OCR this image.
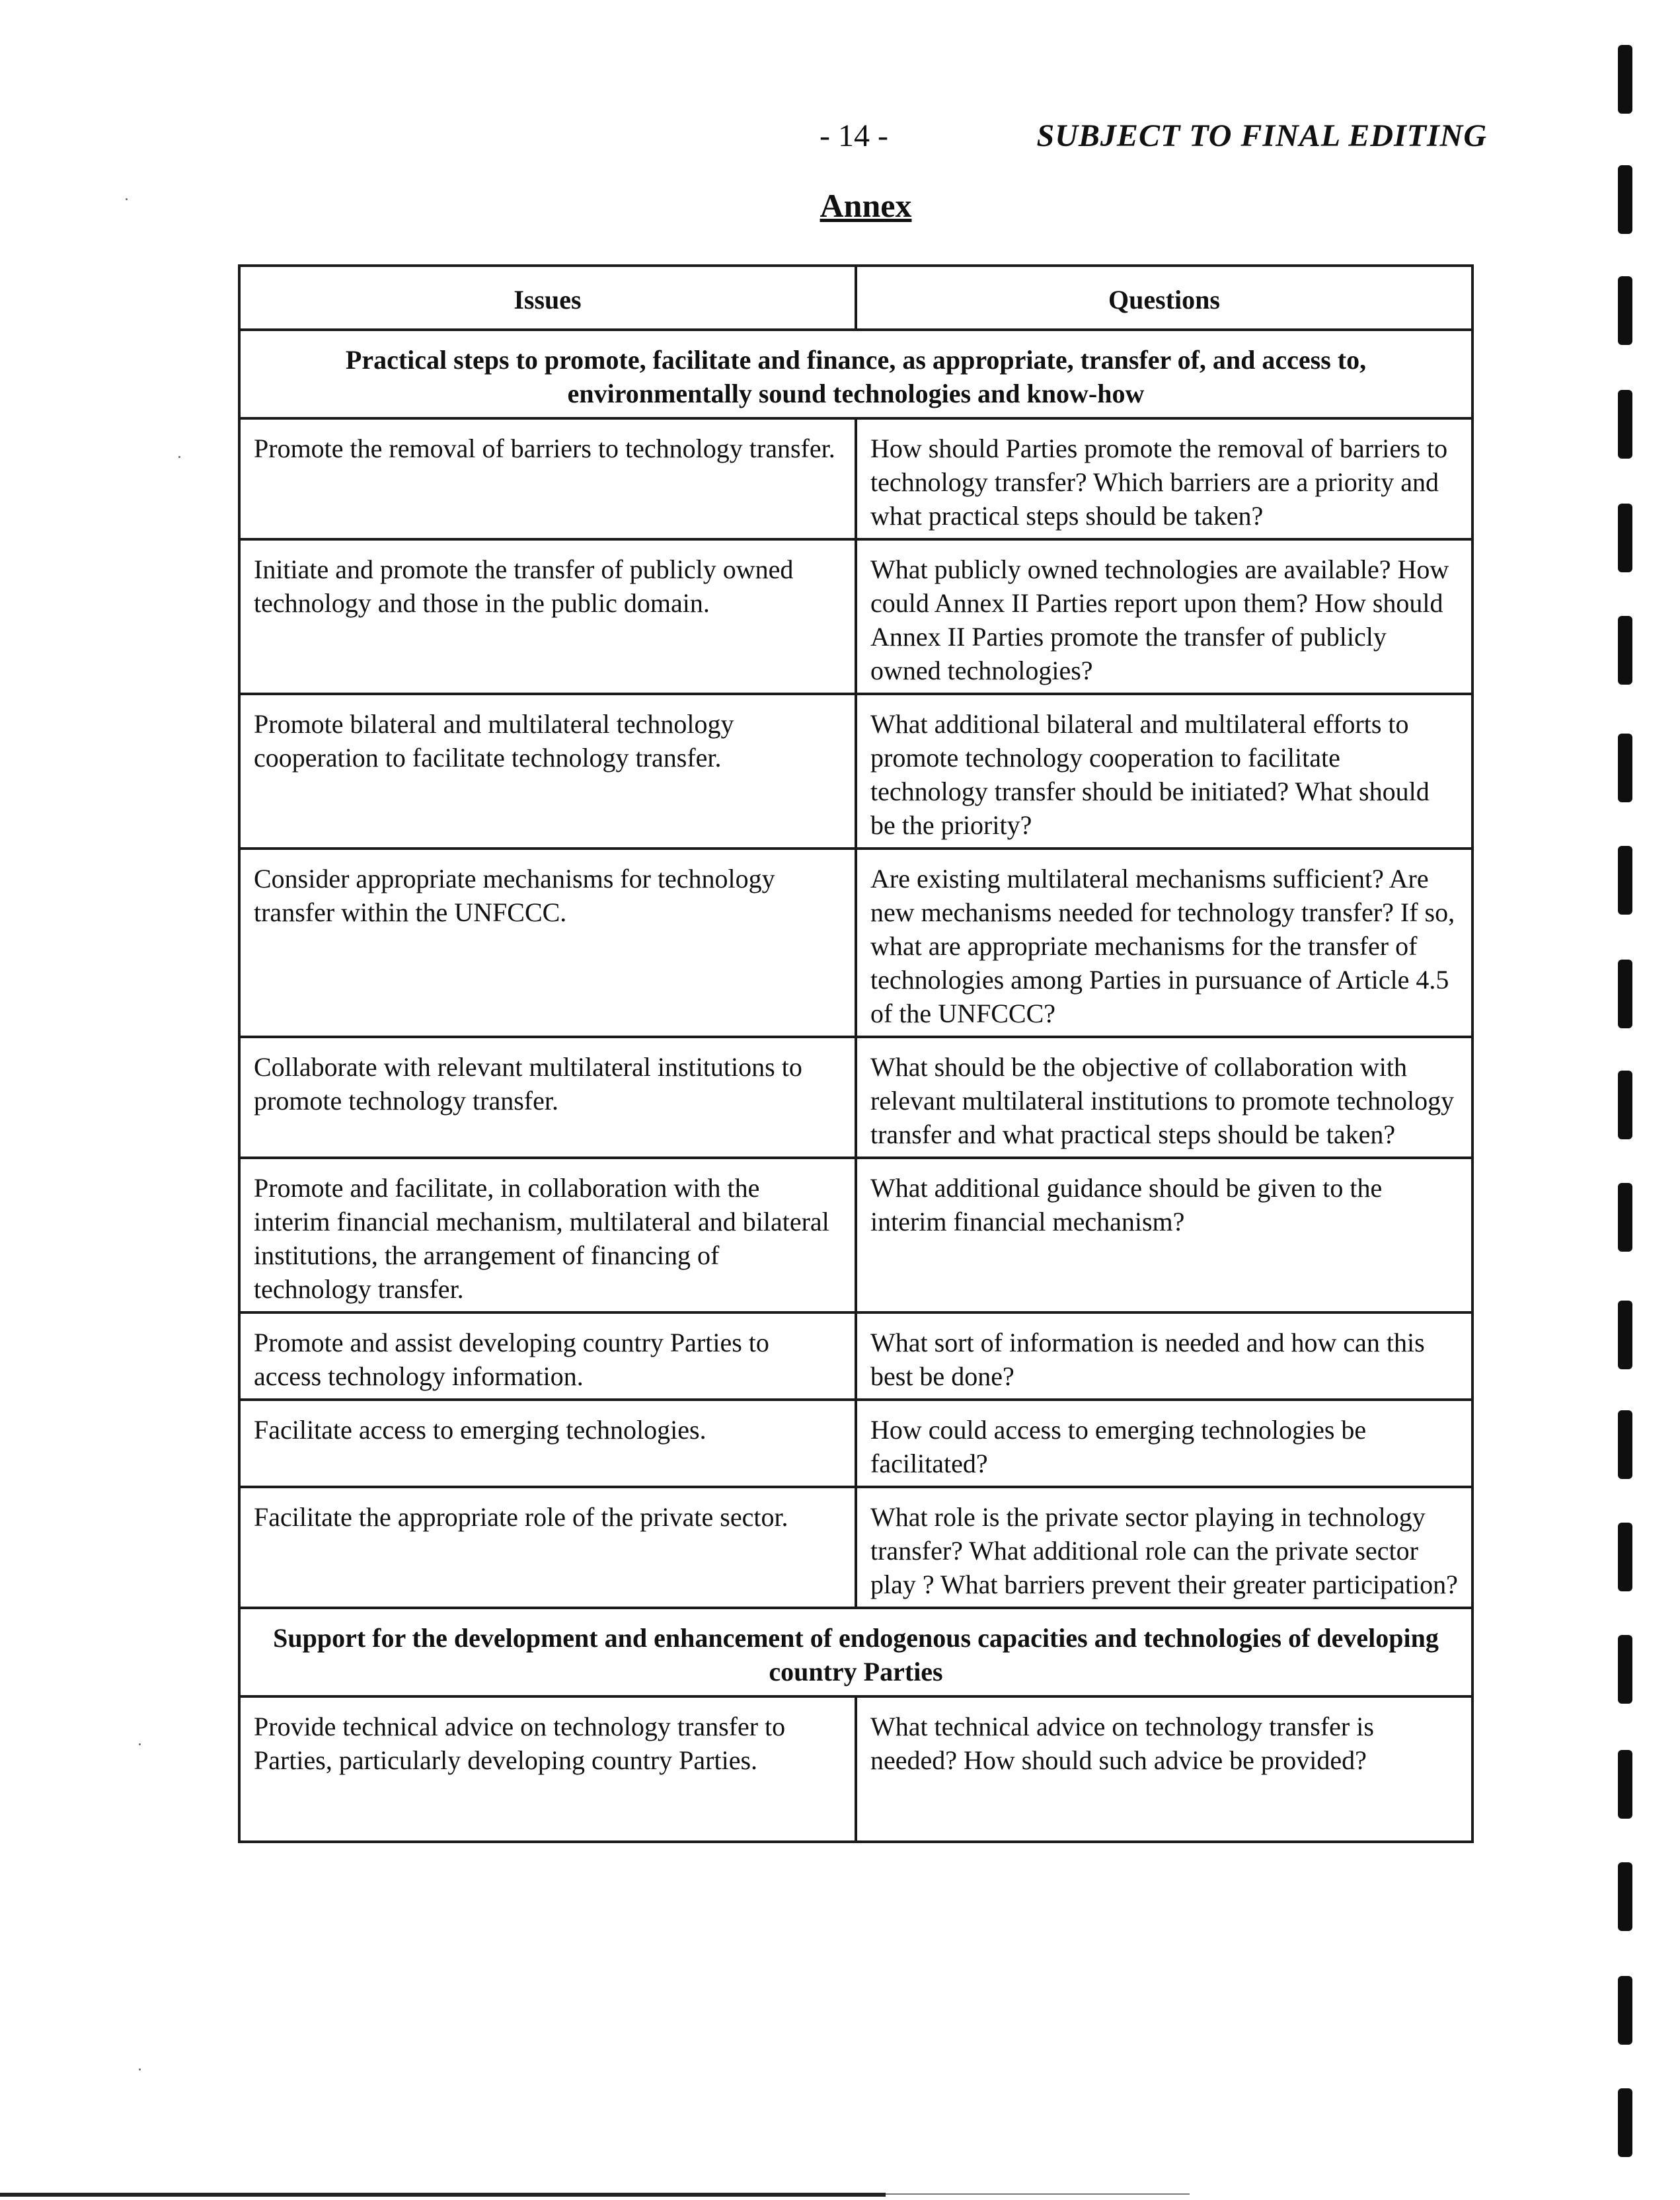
- 14 -	SUBJECT TO FINAL EDITING
Annex
Issues	Questions
Practical steps to promote, facilitate and finance, as appropriate, transfer of, and access to, environmentally sound technologies and know-how	
Promote the removal of barriers to technology transfer.	How should Parties promote the removal of barriers to technology transfer? Which barriers are a priority and what practical steps should be taken?
Initiate and promote the transfer of publicly owned technology and those in the public domain.	What publicly owned technologies are available? How could Annex II Parties report upon them? How should Annex II Parties promote the transfer of publicly owned technologies?
Promote bilateral and multilateral technology cooperation to facilitate technology transfer.	What additional bilateral and multilateral efforts to promote technology cooperation to facilitate technology transfer should be initiated? What should be the priority?
Consider appropriate mechanisms for technology transfer within the UNFCCC.	Are existing multilateral mechanisms sufficient? Are new mechanisms needed for technology transfer? If so, what are appropriate mechanisms for the transfer of technologies among Parties in pursuance of Article 4.5 of the UNFCCC?
Collaborate with relevant multilateral institutions to promote technology transfer.	What should be the objective of collaboration with relevant multilateral institutions to promote technology transfer and what practical steps should be taken?
Promote and facilitate, in collaboration with the interim financial mechanism, multilateral and bilateral institutions, the arrangement of financing of technology transfer.	What additional guidance should be given to the interim financial mechanism?
Promote and assist developing country Parties to access technology information.	What sort of information is needed and how can this best be done?
Facilitate access to emerging technologies.	How could access to emerging technologies be facilitated?
Facilitate the appropriate role of the private sector.	What role is the private sector playing in technology transfer? What additional role can the private sector play ? What barriers prevent their greater participation?
Support for the development and enhancement of endogenous capacities and technologies of developing country Parties	
Provide technical advice on technology transfer to Parties, particularly developing country Parties.	What technical advice on technology transfer is needed? How should such advice be provided?
